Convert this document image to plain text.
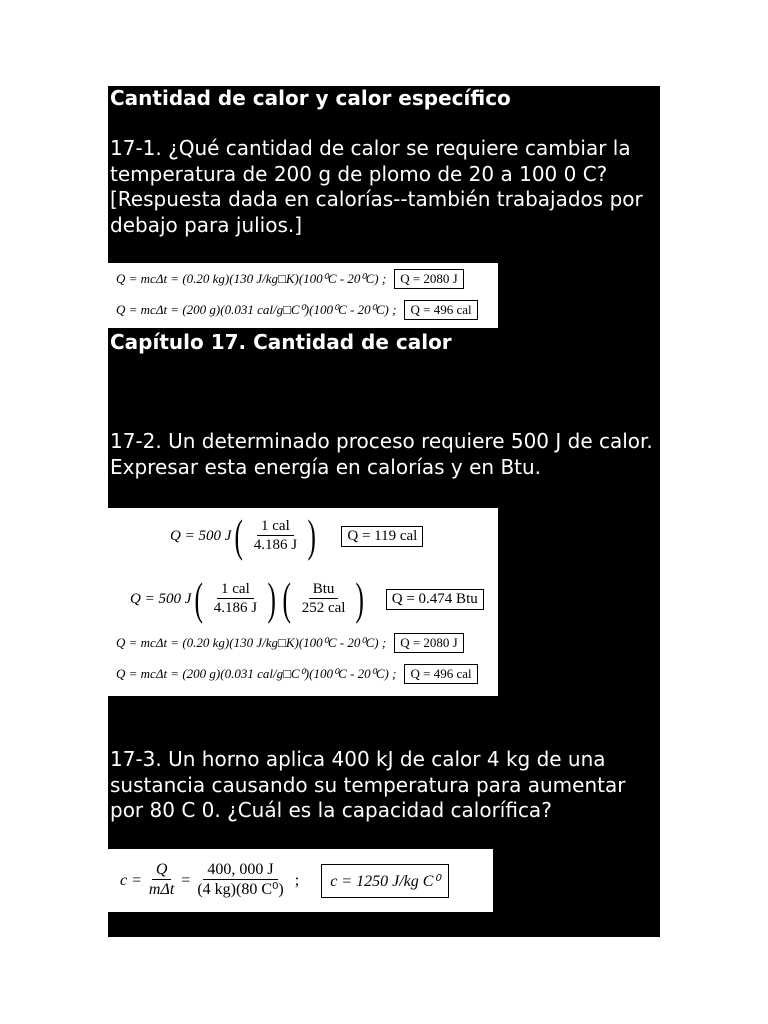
Cantidad de calor y calor específico

17-1. ¿Qué cantidad de calor se requiere cambiar la temperatura de 200 g de plomo de 20 a 100 0 C? [Respuesta dada en calorías--también trabajados por debajo para julios.]

Q = mcΔt = (0.20 kg)(130 J/kg□K)(100⁰C - 20⁰C) ;	Q = 2080 J
Q = mcΔt = (200 g)(0.031 cal/g□C⁰)(100⁰C - 20⁰C) ;	Q = 496 cal
Capítulo 17. Cantidad de calor

17-2. Un determinado proceso requiere 500 J de calor. Expresar esta energía en calorías y en Btu.

Q = 500 J ( $\frac{\text{1 cal}}{4.186 J}$ )	Q = 119 cal
Q = 500 J ( $\frac{\text{1 cal}}{4.186 J}$ ) ( $\frac{\text{Btu}}{\text{252 cal}}$ )	Q = 0.474 Btu
Q = mcΔt = (0.20 kg)(130 J/kg□K)(100⁰C - 20⁰C) ;	Q = 2080 J
Q = mcΔt = (200 g)(0.031 cal/g□C⁰)(100⁰C - 20⁰C) ;	Q = 496 cal

17-3. Un horno aplica 400 kJ de calor 4 kg de una sustancia causando su temperatura para aumentar por 80 C 0. ¿Cuál es la capacidad calorífica?

$c = \frac{Q}{\text{mΔt}} = \frac{400, 000 J}{\text{(4 kg)(80 C⁰)}}$ ;	c = 1250 J/kg C⁰
